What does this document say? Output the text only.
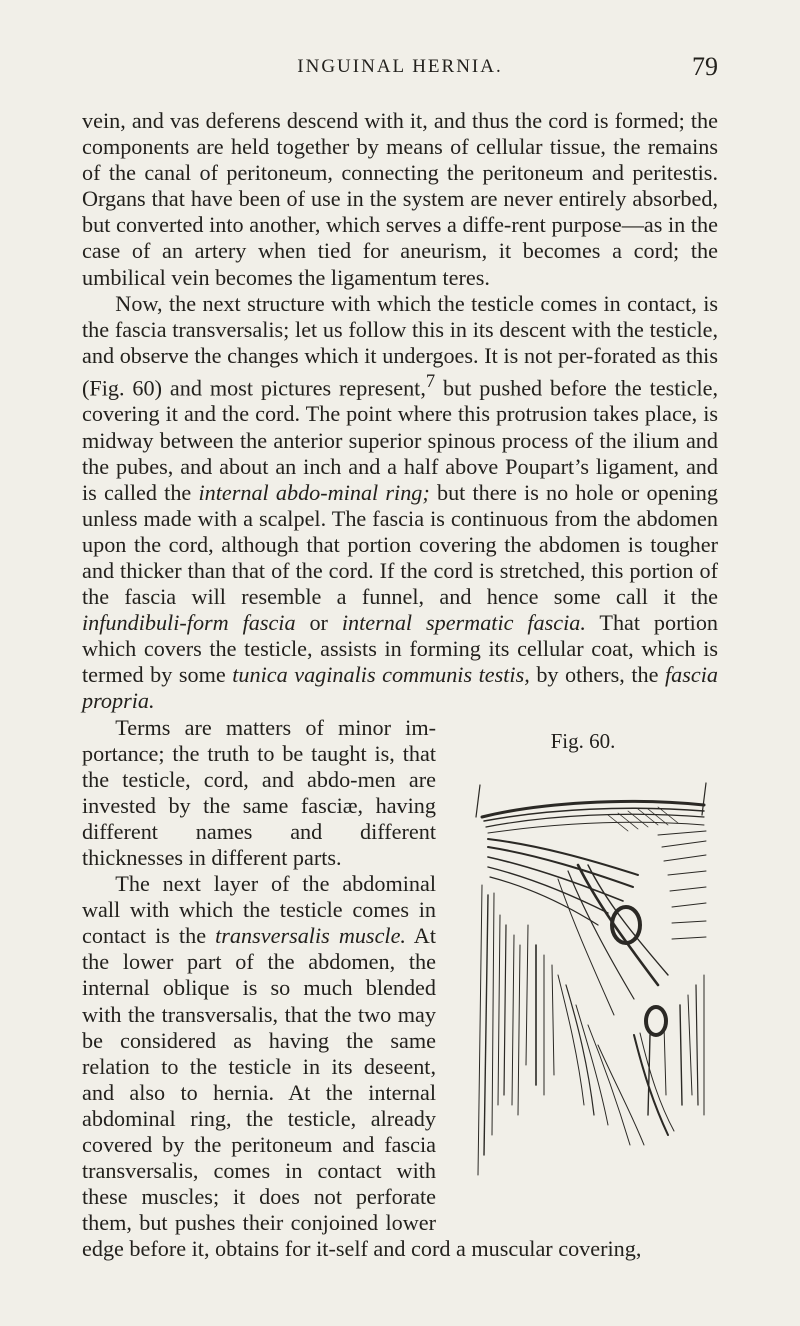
INGUINAL HERNIA.	79

vein, and vas deferens descend with it, and thus the cord is formed; the components are held together by means of cellular tissue, the remains of the canal of peritoneum, connecting the peritoneum and peritestis. Organs that have been of use in the system are never entirely absorbed, but converted into another, which serves a diffe-rent purpose—as in the case of an artery when tied for aneurism, it becomes a cord; the umbilical vein becomes the ligamentum teres.

Now, the next structure with which the testicle comes in contact, is the fascia transversalis; let us follow this in its descent with the testicle, and observe the changes which it undergoes. It is not per-forated as this (Fig. 60) and most pictures represent,$^7$ but pushed before the testicle, covering it and the cord. The point where this protrusion takes place, is midway between the anterior superior spinous process of the ilium and the pubes, and about an inch and a half above Poupart’s ligament, and is called the internal abdo-minal ring; but there is no hole or opening unless made with a scalpel. The fascia is continuous from the abdomen upon the cord, although that portion covering the abdomen is tougher and thicker than that of the cord. If the cord is stretched, this portion of the fascia will resemble a funnel, and hence some call it the infundibuli-form fascia or internal spermatic fascia. That portion which covers the testicle, assists in forming its cellular coat, which is termed by some tunica vaginalis communis testis, by others, the fascia propria.

Fig. 60.

Terms are matters of minor im-portance; the truth to be taught is, that the testicle, cord, and abdo-men are invested by the same fasciæ, having different names and different thicknesses in different parts.

The next layer of the abdominal wall with which the testicle comes in contact is the transversalis muscle. At the lower part of the abdomen, the internal oblique is so much blended with the transversalis, that the two may be considered as having the same relation to the testicle in its deseent, and also to hernia. At the internal abdominal ring, the testicle, already covered by the peritoneum and fascia transversalis, comes in contact with these muscles; it does not perforate them, but pushes their conjoined lower edge before it, obtains for it-self and cord a muscular covering,
